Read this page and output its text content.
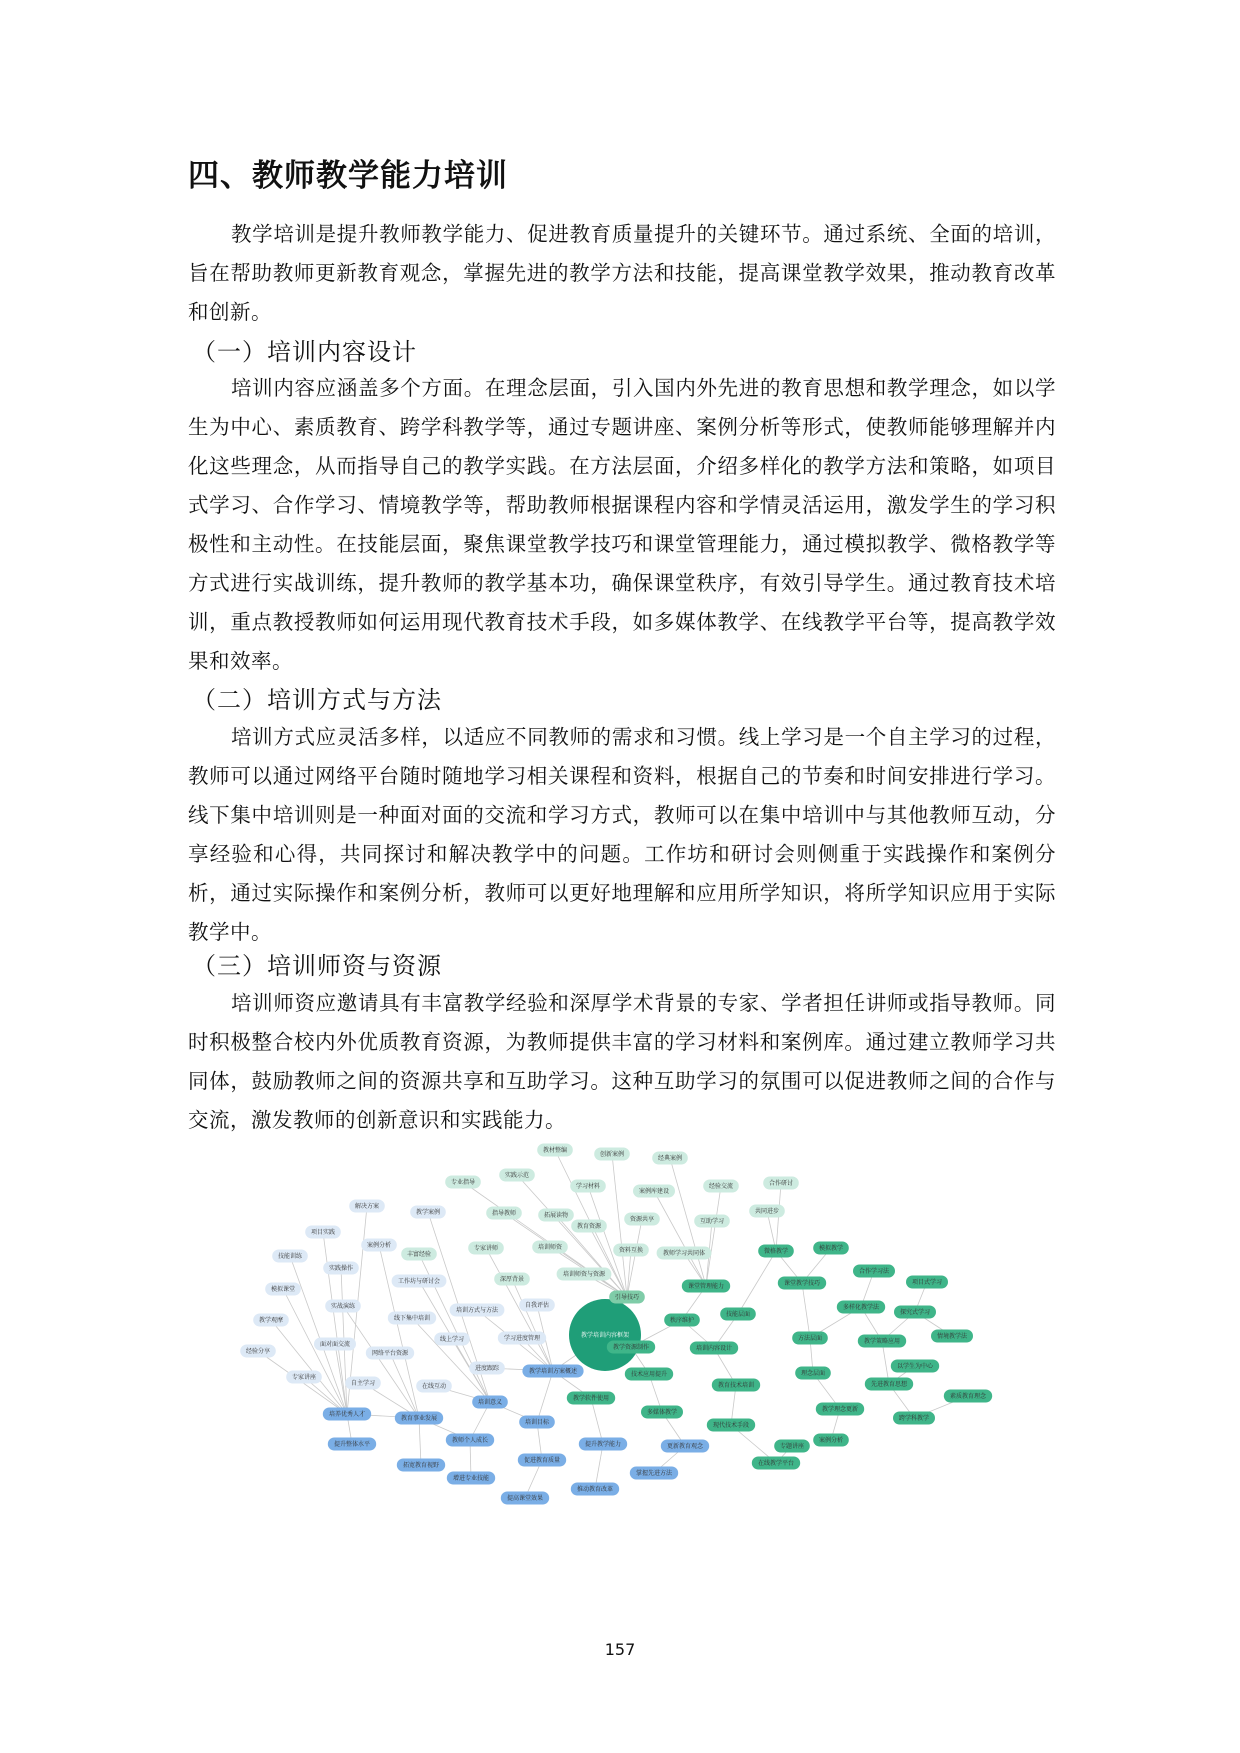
四、教师教学能力培训

教学培训是提升教师教学能力、促进教育质量提升的关键环节。通过系统、全面的培训，旨在帮助教师更新教育观念，掌握先进的教学方法和技能，提高课堂教学效果，推动教育改革和创新。

（一）培训内容设计

培训内容应涵盖多个方面。在理念层面，引入国内外先进的教育思想和教学理念，如以学生为中心、素质教育、跨学科教学等，通过专题讲座、案例分析等形式，使教师能够理解并内化这些理念，从而指导自己的教学实践。在方法层面，介绍多样化的教学方法和策略，如项目式学习、合作学习、情境教学等，帮助教师根据课程内容和学情灵活运用，激发学生的学习积极性和主动性。在技能层面，聚焦课堂教学技巧和课堂管理能力，通过模拟教学、微格教学等方式进行实战训练，提升教师的教学基本功，确保课堂秩序，有效引导学生。通过教育技术培训，重点教授教师如何运用现代教育技术手段，如多媒体教学、在线教学平台等，提高教学效果和效率。

（二）培训方式与方法

培训方式应灵活多样，以适应不同教师的需求和习惯。线上学习是一个自主学习的过程，教师可以通过网络平台随时随地学习相关课程和资料，根据自己的节奏和时间安排进行学习。线下集中培训则是一种面对面的交流和学习方式，教师可以在集中培训中与其他教师互动，分享经验和心得，共同探讨和解决教学中的问题。工作坊和研讨会则侧重于实践操作和案例分析，通过实际操作和案例分析，教师可以更好地理解和应用所学知识，将所学知识应用于实际教学中。

（三）培训师资与资源

培训师资应邀请具有丰富教学经验和深厚学术背景的专家、学者担任讲师或指导教师。同时积极整合校内外优质教育资源，为教师提供丰富的学习材料和案例库。通过建立教师学习共同体，鼓励教师之间的资源共享和互助学习。这种互助学习的氛围可以促进教师之间的合作与交流，激发教师的创新意识和实践能力。

教学培训内容框架
教材整编
创新案例
经典案例
专业指导
实践示范
学习材料
案例库建设
经验交流	合作研讨
解决方案
教学案例	指导教师	拓展读物
资源共享
共同进步
项目实践
教育资源
互助学习
案例分析
技能训练	丰富经验
专家讲师	培训师资	资料互换	教师学习共同体	微格教学	模拟教学
实践操作
工作坊与研讨会	深厚背景
培训师资与资源
课堂管理能力	课堂教学技巧
合作学习法
项目式学习
模拟课堂
实战演练
培训方式与方法
自我评估
引导技巧
多样化教学法
探究式学习
教学观摩	线下集中培训	秩序维护
技能层面
经验分享
面对面交流
网络平台资源
线上学习	学习进度管理
教学资源制作	培训内容设计
方法层面	教学策略应用
情境教学法
专家讲座
自主学习	在线互动
进度跟踪	教学培训方案概述	技术应用提升
教育技术培训
理念层面
以学生为中心
教学软件使用
先进教育思想
素质教育理念
培养优秀人才
教育事业发展
培训意义
多媒体教学	教学理念更新
跨学科教学
提升整体水平
教师个人成长
培训目标	现代技术手段
案例分析
提升教学能力	更新教育观念	专题讲座
拓宽教育视野
促进教育质量
掌握先进方法
在线教学平台
增进专业技能
推动教育改革
提高课堂效果
157
